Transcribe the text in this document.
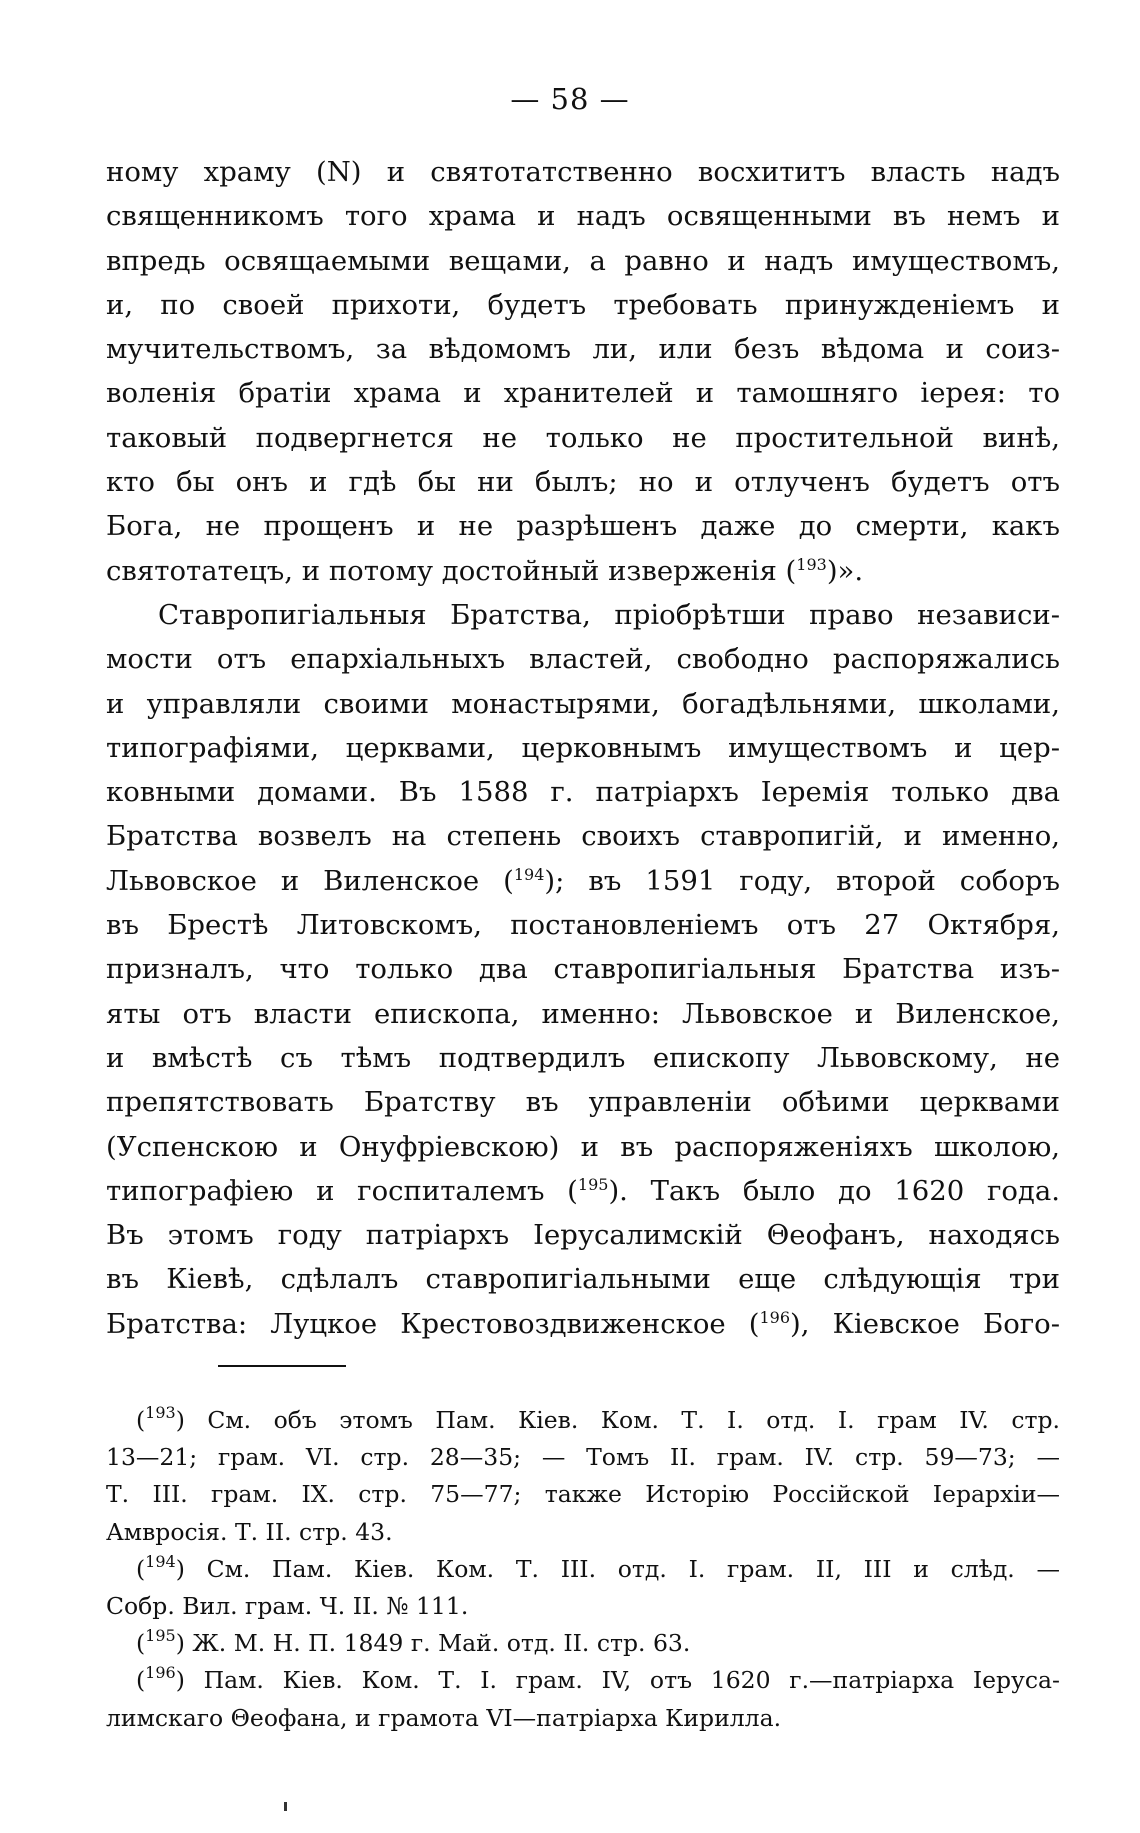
— 58 —
ному храму (N) и святотатственно восхититъ власть надъ
священникомъ того храма и надъ освященными въ немъ и
впредь освящаемыми вещами, а равно и надъ имуществомъ,
и, по своей прихоти, будетъ требовать принужденіемъ и
мучительствомъ, за вѣдомомъ ли, или безъ вѣдома и соиз-
воленія братіи храма и хранителей и тамошняго іерея: то
таковый подвергнется не только не простительной винѣ,
кто бы онъ и гдѣ бы ни былъ; но и отлученъ будетъ отъ
Бога, не прощенъ и не разрѣшенъ даже до смерти, какъ
святотатецъ, и потому достойный изверженія ($^{193}$)».
Ставропигіальныя Братства, пріобрѣтши право независи-
мости отъ епархіальныхъ властей, свободно распоряжались
и управляли своими монастырями, богадѣльнями, школами,
типографіями, церквами, церковнымъ имуществомъ и цер-
ковными домами. Въ 1588 г. патріархъ Іеремія только два
Братства возвелъ на степень своихъ ставропигій, и именно,
Львовское и Виленское ($^{194}$); въ 1591 году, второй соборъ
въ Брестѣ Литовскомъ, постановленіемъ отъ 27 Октября,
призналъ, что только два ставропигіальныя Братства изъ-
яты отъ власти епископа, именно: Львовское и Виленское,
и вмѣстѣ съ тѣмъ подтвердилъ епископу Львовскому, не
препятствовать Братству въ управленіи обѣими церквами
(Успенскою и Онуфріевскою) и въ распоряженіяхъ школою,
типографіею и госпиталемъ ($^{195}$). Такъ было до 1620 года.
Въ этомъ году патріархъ Іерусалимскій Θеофанъ, находясь
въ Кіевѣ, сдѣлалъ ставропигіальными еще слѣдующія три
Братства: Луцкое Крестовоздвиженское ($^{196}$), Кіевское Бого-
($^{193}$) См. объ этомъ Пам. Кіев. Ком. Т. I. отд. I. грам IV. стр.
13—21; грам. VI. стр. 28—35; — Томъ II. грам. IV. стр. 59—73; —
Т. III. грам. IX. стр. 75—77; также Исторію Россійской Іерархіи—
Амвросія. Т. II. стр. 43.
($^{194}$) См. Пам. Кіев. Ком. Т. III. отд. I. грам. II, III и слѣд. —
Собр. Вил. грам. Ч. II. № 111.
($^{195}$) Ж. М. Н. П. 1849 г. Май. отд. II. стр. 63.
($^{196}$) Пам. Кіев. Ком. Т. I. грам. IV, отъ 1620 г.—патріарха Іеруса-
лимскаго Θеофана, и грамота VI—патріарха Кирилла.
